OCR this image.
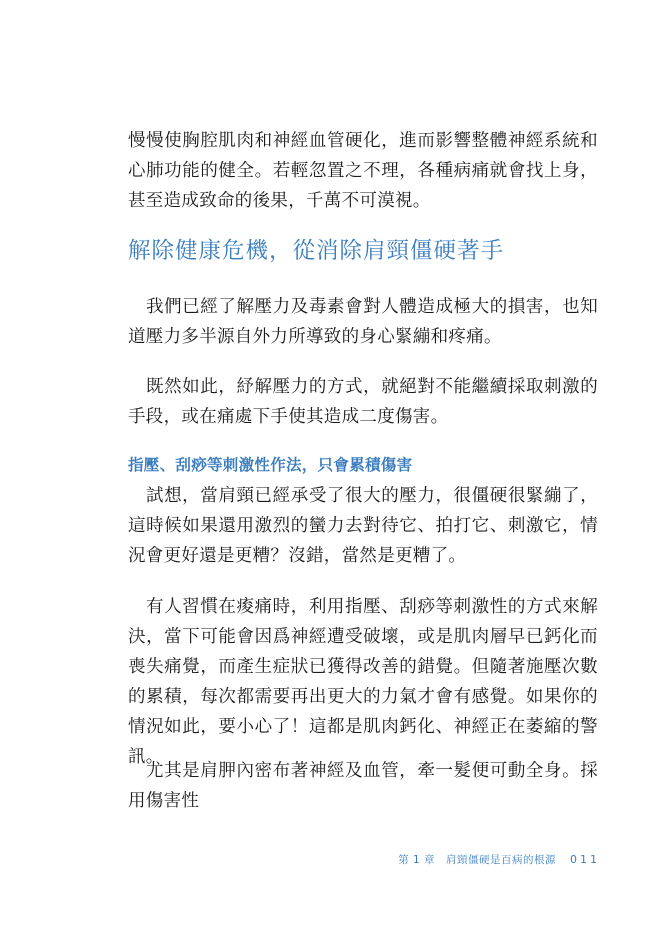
慢慢使胸腔肌肉和神經血管硬化，進而影響整體神經系統和心肺功能的健全。若輕忽置之不理，各種病痛就會找上身，甚至造成致命的後果，千萬不可漠視。

解除健康危機，從消除肩頸僵硬著手

我們已經了解壓力及毒素會對人體造成極大的損害，也知道壓力多半源自外力所導致的身心緊繃和疼痛。

既然如此，紓解壓力的方式，就絕對不能繼續採取刺激的手段，或在痛處下手使其造成二度傷害。

指壓、刮痧等刺激性作法，只會累積傷害

試想，當肩頸已經承受了很大的壓力，很僵硬很緊繃了，這時候如果還用激烈的蠻力去對待它、拍打它、刺激它，情況會更好還是更糟？沒錯，當然是更糟了。

有人習慣在痠痛時，利用指壓、刮痧等刺激性的方式來解決，當下可能會因爲神經遭受破壞，或是肌肉層早已鈣化而喪失痛覺，而產生症狀已獲得改善的錯覺。但隨著施壓次數的累積，每次都需要再出更大的力氣才會有感覺。如果你的情況如此，要小心了！這都是肌肉鈣化、神經正在萎縮的警訊。

尤其是肩胛內密布著神經及血管，牽一髮便可動全身。採用傷害性

第 1 章　肩頸僵硬是百病的根源 011
